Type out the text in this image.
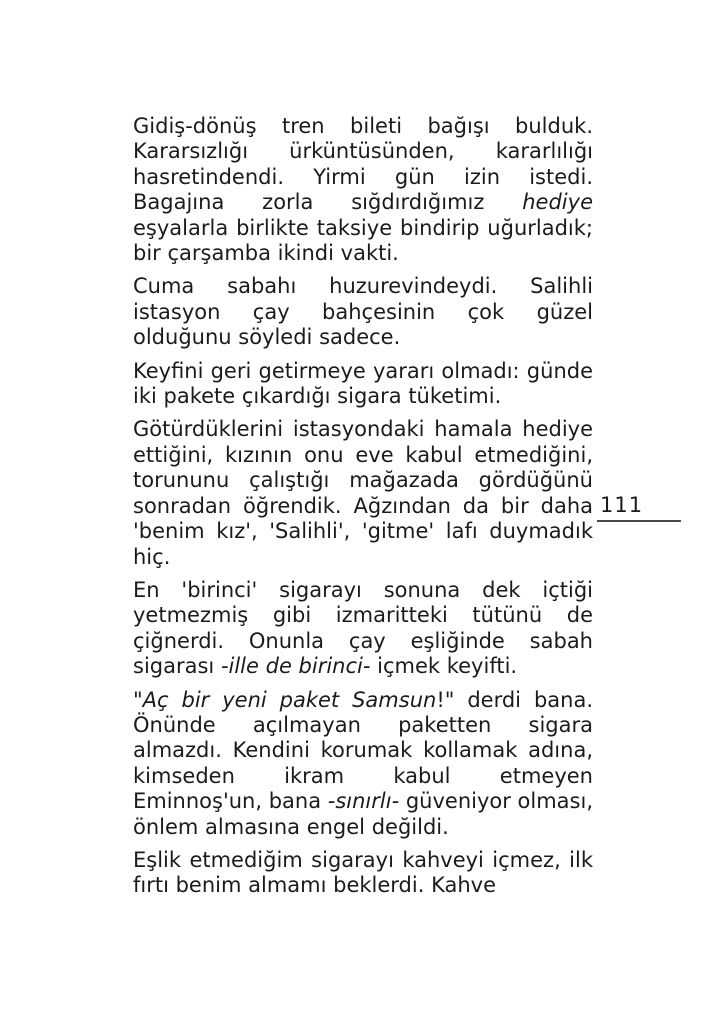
Gidiş-dönüş tren bileti bağışı bulduk. Kararsızlığı ürküntüsünden, kararlılığı hasretindendi. Yirmi gün izin istedi. Bagajına zorla sığdırdığımız hediye eşyalarla birlikte taksiye bindirip uğurladık; bir çarşamba ikindi vakti.

Cuma sabahı huzurevindeydi. Salihli istasyon çay bahçesinin çok güzel olduğunu söyledi sadece.

Keyfini geri getirmeye yararı olmadı: günde iki pakete çıkardığı sigara tüketimi.

Götürdüklerini istasyondaki hamala hediye ettiğini, kızının onu eve kabul etmediğini, torununu çalıştığı mağazada gördüğünü sonradan öğrendik. Ağzından da bir daha 'benim kız', 'Salihli', 'gitme' lafı duymadık hiç.

En 'birinci' sigarayı sonuna dek içtiği yetmezmiş gibi izmaritteki tütünü de çiğnerdi. Onunla çay eşliğinde sabah sigarası -ille de birinci- içmek keyifti.

"Aç bir yeni paket Samsun!" derdi bana. Önünde açılmayan paketten sigara almazdı. Kendini korumak kollamak adına, kimseden ikram kabul etmeyen Eminnoş'un, bana -sınırlı- güveniyor olması, önlem almasına engel değildi.

Eşlik etmediğim sigarayı kahveyi içmez, ilk fırtı benim almamı beklerdi. Kahve

111
